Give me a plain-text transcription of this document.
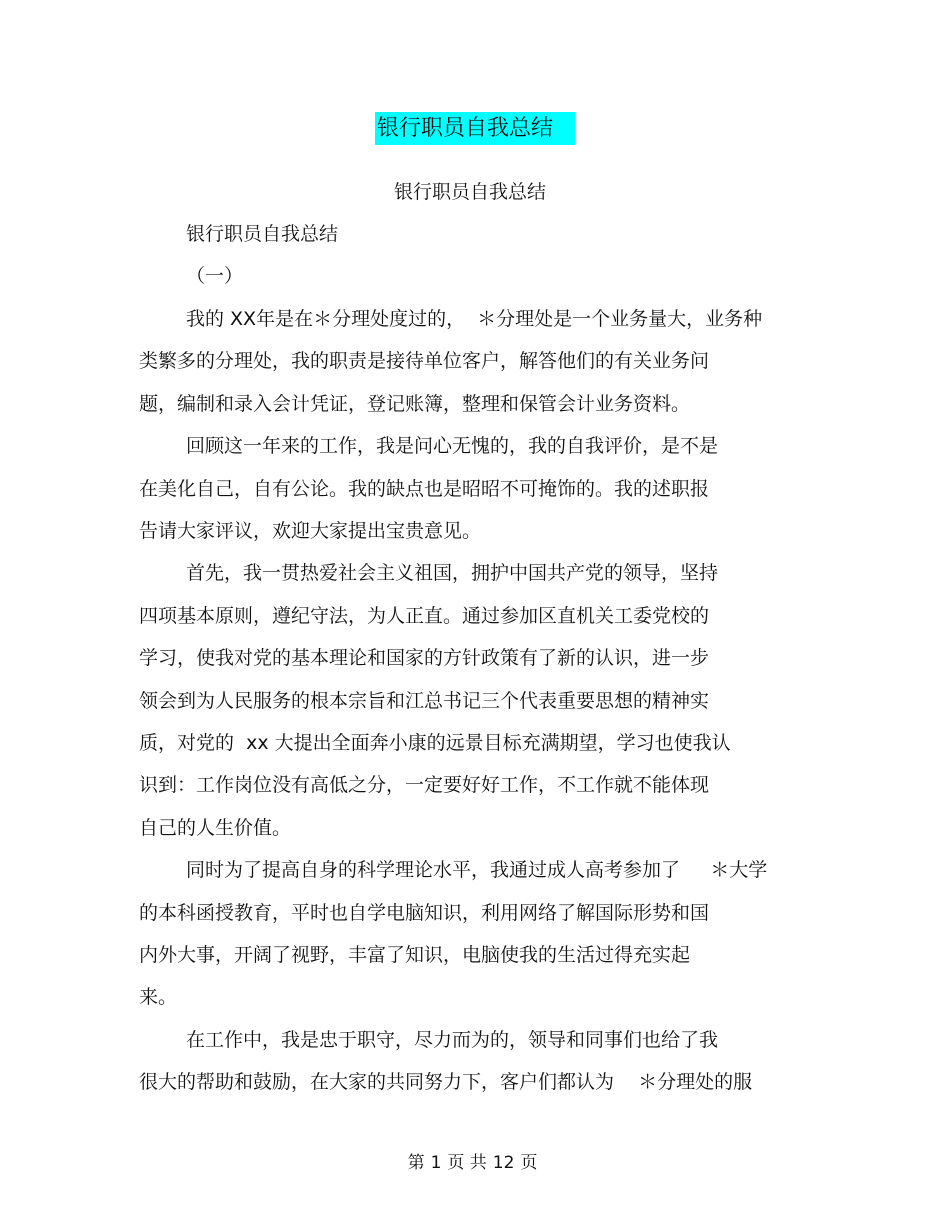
银行职员自我总结
银行职员自我总结
银行职员自我总结
（一）
我的 XX年是在＊分理处度过的，  ＊分理处是一个业务量大，业务种
类繁多的分理处，我的职责是接待单位客户，解答他们的有关业务问
题，编制和录入会计凭证，登记账簿，整理和保管会计业务资料。
回顾这一年来的工作，我是问心无愧的，我的自我评价，是不是
在美化自己，自有公论。我的缺点也是昭昭不可掩饰的。我的述职报
告请大家评议，欢迎大家提出宝贵意见。
首先，我一贯热爱社会主义祖国，拥护中国共产党的领导，坚持
四项基本原则，遵纪守法，为人正直。通过参加区直机关工委党校的
学习，使我对党的基本理论和国家的方针政策有了新的认识，进一步
领会到为人民服务的根本宗旨和江总书记三个代表重要思想的精神实
质，对党的  xx 大提出全面奔小康的远景目标充满期望，学习也使我认
识到：工作岗位没有高低之分，一定要好好工作，不工作就不能体现
自己的人生价值。
同时为了提高自身的科学理论水平，我通过成人高考参加了     ＊大学
的本科函授教育，平时也自学电脑知识，利用网络了解国际形势和国
内外大事，开阔了视野，丰富了知识，电脑使我的生活过得充实起
来。
在工作中，我是忠于职守，尽力而为的，领导和同事们也给了我
很大的帮助和鼓励，在大家的共同努力下，客户们都认为    ＊分理处的服
第 1 页 共 12 页
